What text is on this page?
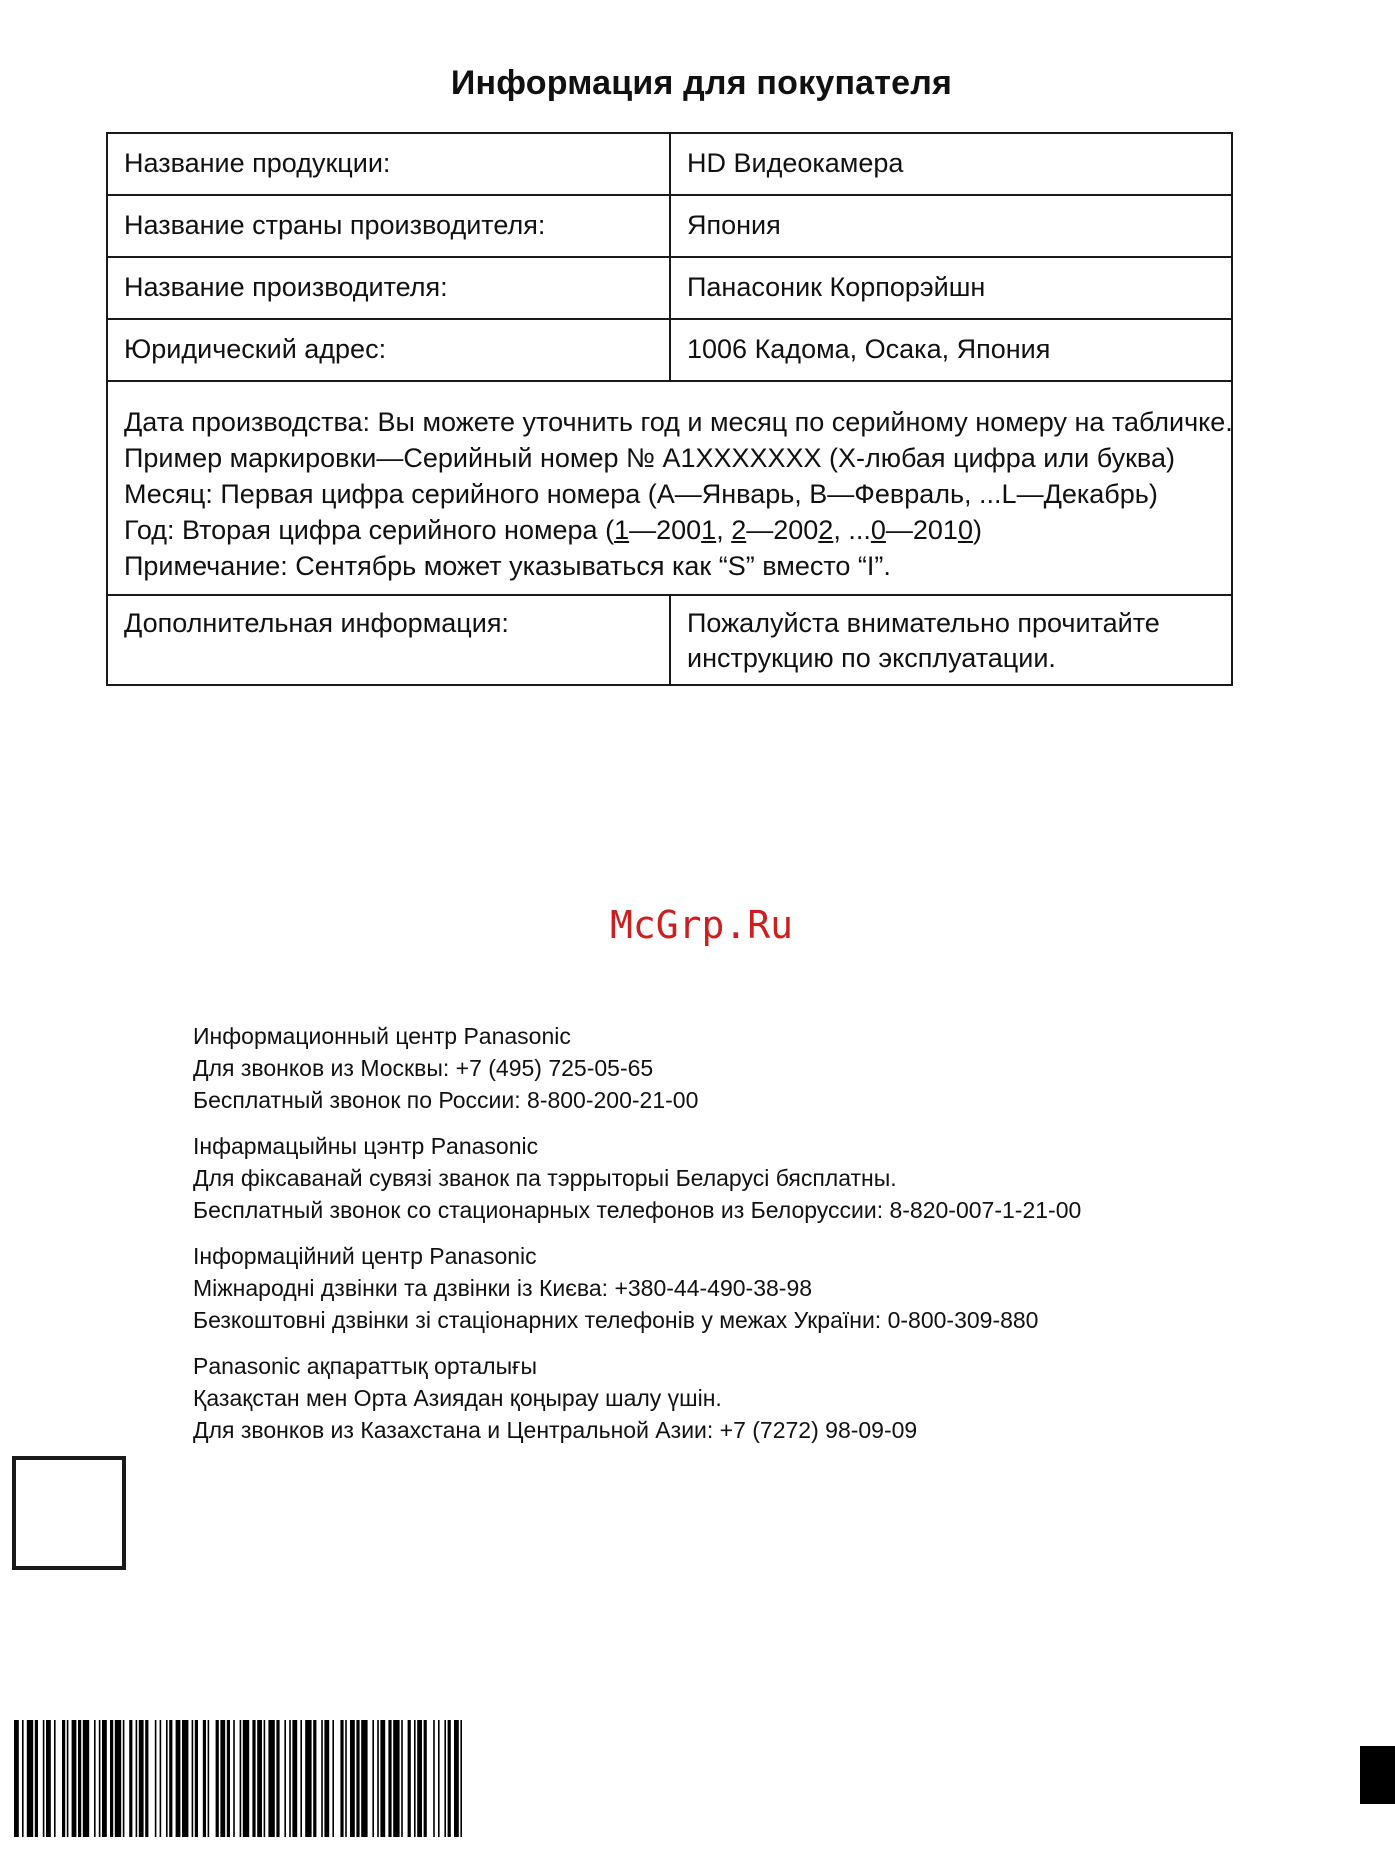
Информация для покупателя
Название продукции:	HD Видеокамера
Название страны производителя:	Япония
Название производителя:	Панасоник Корпорэйшн
Юридический адрес:	1006 Кадома, Осака, Япония

Дата производства: Вы можете уточнить год и месяц по серийному номеру на табличке.
Пример маркировки—Серийный номер № A1XXXXXXX (X-любая цифра или буква)
Месяц: Первая цифра серийного номера (A—Январь, B—Февраль, ...L—Декабрь)
Год: Вторая цифра серийного номера (1—2001, 2—2002, ...0—2010)
Примечание: Сентябрь может указываться как “S” вместо “I”.	

Дополнительная информация:	Пожалуйста внимательно прочитайте
инструкцию по эксплуатации.
McGrp.Ru
Информационный центр Panasonic
Для звонков из Москвы: +7 (495) 725-05-65
Бесплатный звонок по России: 8-800-200-21-00
Інфармацыйны цэнтр Panasonic
Для фіксаванай сувязі званок па тэррыторыі Беларусі бясплатны.
Бесплатный звонок со стационарных телефонов из Белоруссии: 8-820-007-1-21-00
Інформаційний центр Panasonic
Міжнародні дзвінки та дзвінки із Києва: +380-44-490-38-98
Безкоштовні дзвінки зі стаціонарних телефонів у межах України: 0-800-309-880
Panasonic ақпараттық орталығы
Қазақстан мен Орта Азиядан қоңырау шалу үшін.
Для звонков из Казахстана и Центральной Азии: +7 (7272) 98-09-09
